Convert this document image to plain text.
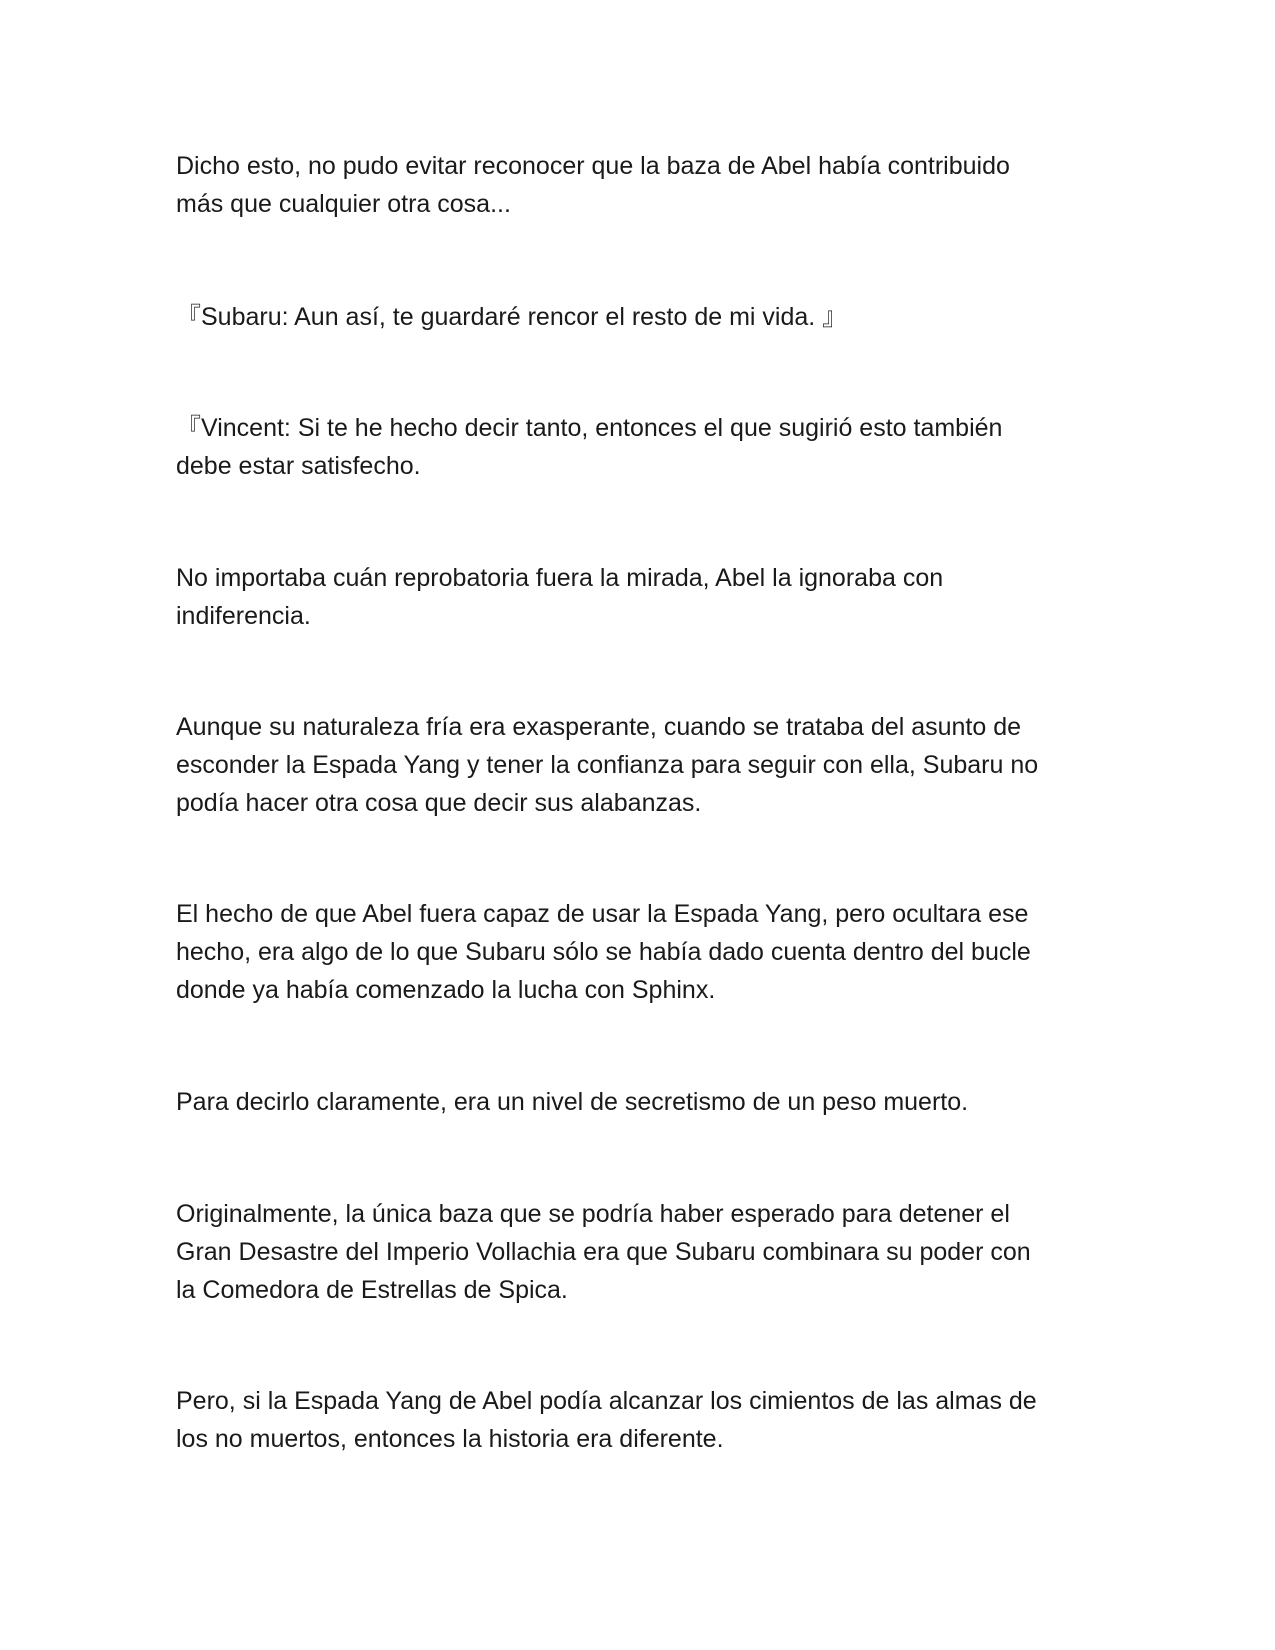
Dicho esto, no pudo evitar reconocer que la baza de Abel había contribuido
más que cualquier otra cosa...

『Subaru: Aun así, te guardaré rencor el resto de mi vida. 』

『Vincent: Si te he hecho decir tanto, entonces el que sugirió esto también
debe estar satisfecho.

No importaba cuán reprobatoria fuera la mirada, Abel la ignoraba con
indiferencia.

Aunque su naturaleza fría era exasperante, cuando se trataba del asunto de
esconder la Espada Yang y tener la confianza para seguir con ella, Subaru no
podía hacer otra cosa que decir sus alabanzas.

El hecho de que Abel fuera capaz de usar la Espada Yang, pero ocultara ese
hecho, era algo de lo que Subaru sólo se había dado cuenta dentro del bucle
donde ya había comenzado la lucha con Sphinx.

Para decirlo claramente, era un nivel de secretismo de un peso muerto.

Originalmente, la única baza que se podría haber esperado para detener el
Gran Desastre del Imperio Vollachia era que Subaru combinara su poder con
la Comedora de Estrellas de Spica.

Pero, si la Espada Yang de Abel podía alcanzar los cimientos de las almas de
los no muertos, entonces la historia era diferente.
